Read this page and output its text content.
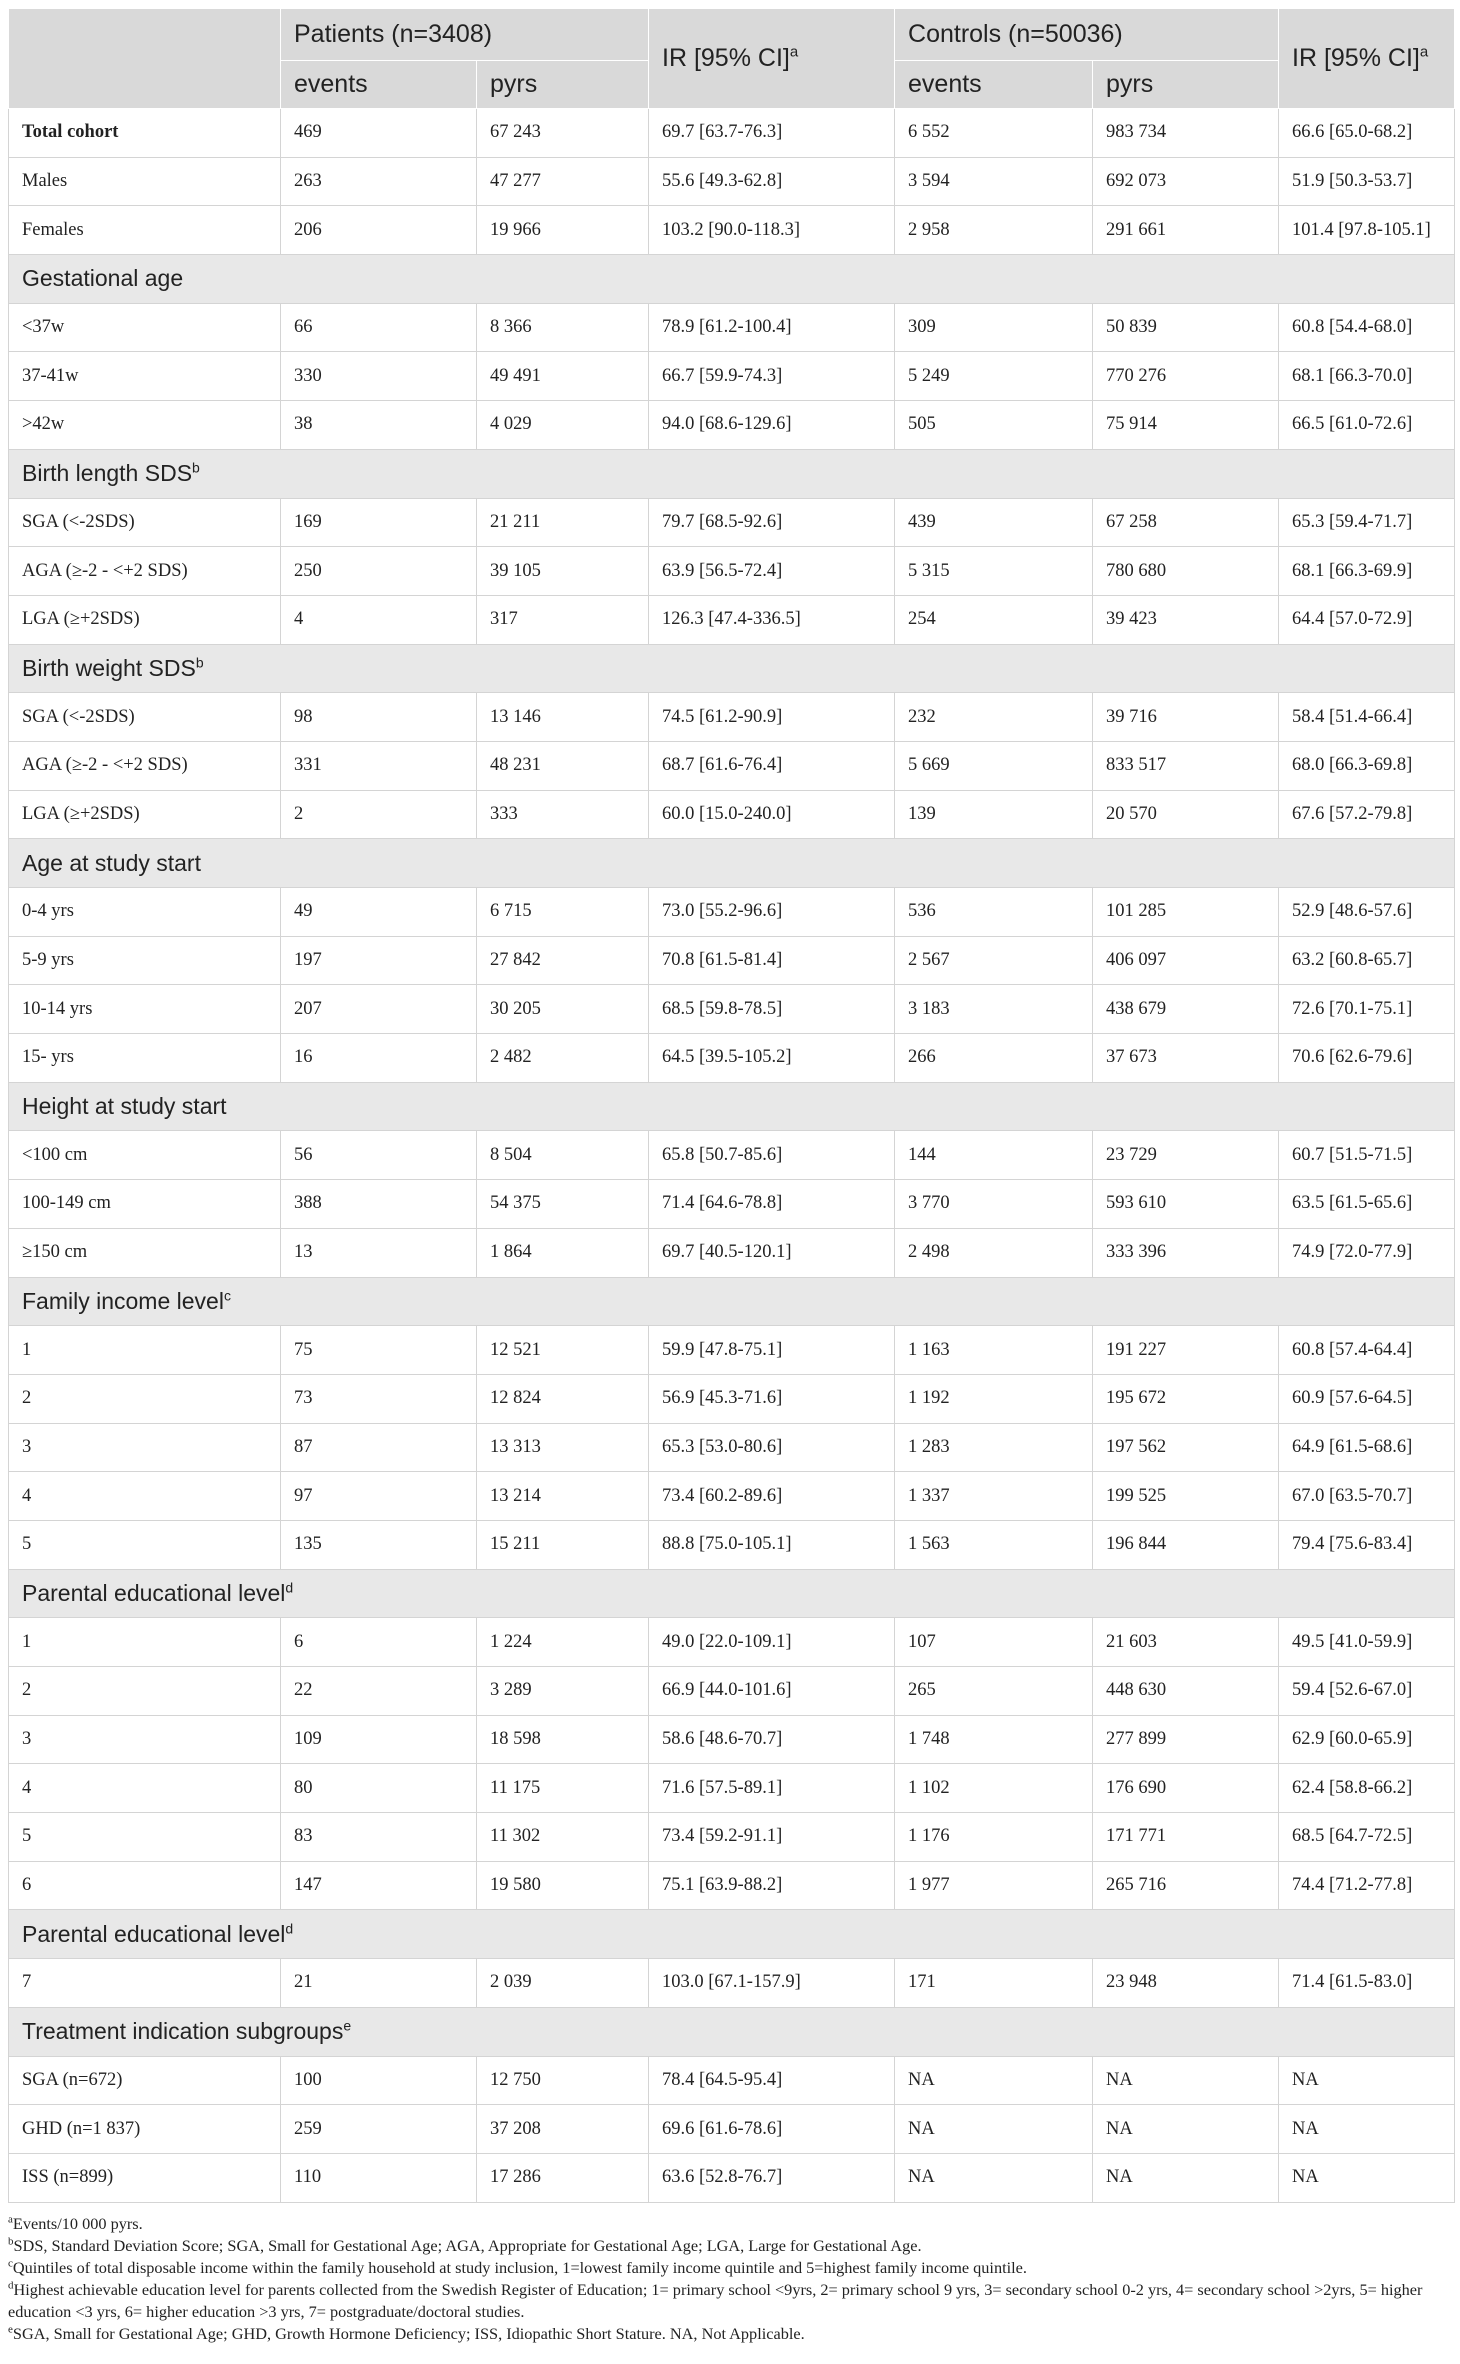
	Patients (n=3408)		IR [95% CI]$^a$	Controls (n=50036)		IR [95% CI]$^a$
	events	pyrs		events	pyrs	
Total cohort	469	67 243	69.7 [63.7-76.3]	6 552	983 734	66.6 [65.0-68.2]
Males	263	47 277	55.6 [49.3-62.8]	3 594	692 073	51.9 [50.3-53.7]
Females	206	19 966	103.2 [90.0-118.3]	2 958	291 661	101.4 [97.8-105.1]
Gestational age						
<37w	66	8 366	78.9 [61.2-100.4]	309	50 839	60.8 [54.4-68.0]
37-41w	330	49 491	66.7 [59.9-74.3]	5 249	770 276	68.1 [66.3-70.0]
>42w	38	4 029	94.0 [68.6-129.6]	505	75 914	66.5 [61.0-72.6]
Birth length SDS$^b$
SGA (<-2SDS)	169	21 211	79.7 [68.5-92.6]	439	67 258	65.3 [59.4-71.7]
AGA (≥-2 - <+2 SDS)	250	39 105	63.9 [56.5-72.4]	5 315	780 680	68.1 [66.3-69.9]
LGA (≥+2SDS)	4	317	126.3 [47.4-336.5]	254	39 423	64.4 [57.0-72.9]
Birth weight SDS$^b$
SGA (<-2SDS)	98	13 146	74.5 [61.2-90.9]	232	39 716	58.4 [51.4-66.4]
AGA (≥-2 - <+2 SDS)	331	48 231	68.7 [61.6-76.4]	5 669	833 517	68.0 [66.3-69.8]
LGA (≥+2SDS)	2	333	60.0 [15.0-240.0]	139	20 570	67.6 [57.2-79.8]
Age at study start						
0-4 yrs	49	6 715	73.0 [55.2-96.6]	536	101 285	52.9 [48.6-57.6]
5-9 yrs	197	27 842	70.8 [61.5-81.4]	2 567	406 097	63.2 [60.8-65.7]
10-14 yrs	207	30 205	68.5 [59.8-78.5]	3 183	438 679	72.6 [70.1-75.1]
15- yrs	16	2 482	64.5 [39.5-105.2]	266	37 673	70.6 [62.6-79.6]
Height at study start						
<100 cm	56	8 504	65.8 [50.7-85.6]	144	23 729	60.7 [51.5-71.5]
100-149 cm	388	54 375	71.4 [64.6-78.8]	3 770	593 610	63.5 [61.5-65.6]
≥150 cm	13	1 864	69.7 [40.5-120.1]	2 498	333 396	74.9 [72.0-77.9]
Family income level$^c$
1	75	12 521	59.9 [47.8-75.1]	1 163	191 227	60.8 [57.4-64.4]
2	73	12 824	56.9 [45.3-71.6]	1 192	195 672	60.9 [57.6-64.5]
3	87	13 313	65.3 [53.0-80.6]	1 283	197 562	64.9 [61.5-68.6]
4	97	13 214	73.4 [60.2-89.6]	1 337	199 525	67.0 [63.5-70.7]
5	135	15 211	88.8 [75.0-105.1]	1 563	196 844	79.4 [75.6-83.4]
Parental educational level$^d$
1	6	1 224	49.0 [22.0-109.1]	107	21 603	49.5 [41.0-59.9]
2	22	3 289	66.9 [44.0-101.6]	265	448 630	59.4 [52.6-67.0]
3	109	18 598	58.6 [48.6-70.7]	1 748	277 899	62.9 [60.0-65.9]
4	80	11 175	71.6 [57.5-89.1]	1 102	176 690	62.4 [58.8-66.2]
5	83	11 302	73.4 [59.2-91.1]	1 176	171 771	68.5 [64.7-72.5]
6	147	19 580	75.1 [63.9-88.2]	1 977	265 716	74.4 [71.2-77.8]
Parental educational level$^d$
7	21	2 039	103.0 [67.1-157.9]	171	23 948	71.4 [61.5-83.0]
Treatment indication subgroups$^e$
SGA (n=672)	100	12 750	78.4 [64.5-95.4]	NA	NA	NA
GHD (n=1 837)	259	37 208	69.6 [61.6-78.6]	NA	NA	NA
ISS (n=899)	110	17 286	63.6 [52.8-76.7]	NA	NA	NA

$^a$Events/10 000 pyrs.

$^b$SDS, Standard Deviation Score; SGA, Small for Gestational Age; AGA, Appropriate for Gestational Age; LGA, Large for Gestational Age.

$^c$Quintiles of total disposable income within the family household at study inclusion, 1=lowest family income quintile and 5=highest family income quintile.

$^d$Highest achievable education level for parents collected from the Swedish Register of Education; 1= primary school <9yrs, 2= primary school 9 yrs, 3= secondary school 0-2 yrs, 4= secondary school >2yrs, 5= higher education <3 yrs, 6= higher education >3 yrs, 7= postgraduate/doctoral studies.

$^e$SGA, Small for Gestational Age; GHD, Growth Hormone Deficiency; ISS, Idiopathic Short Stature. NA, Not Applicable.
